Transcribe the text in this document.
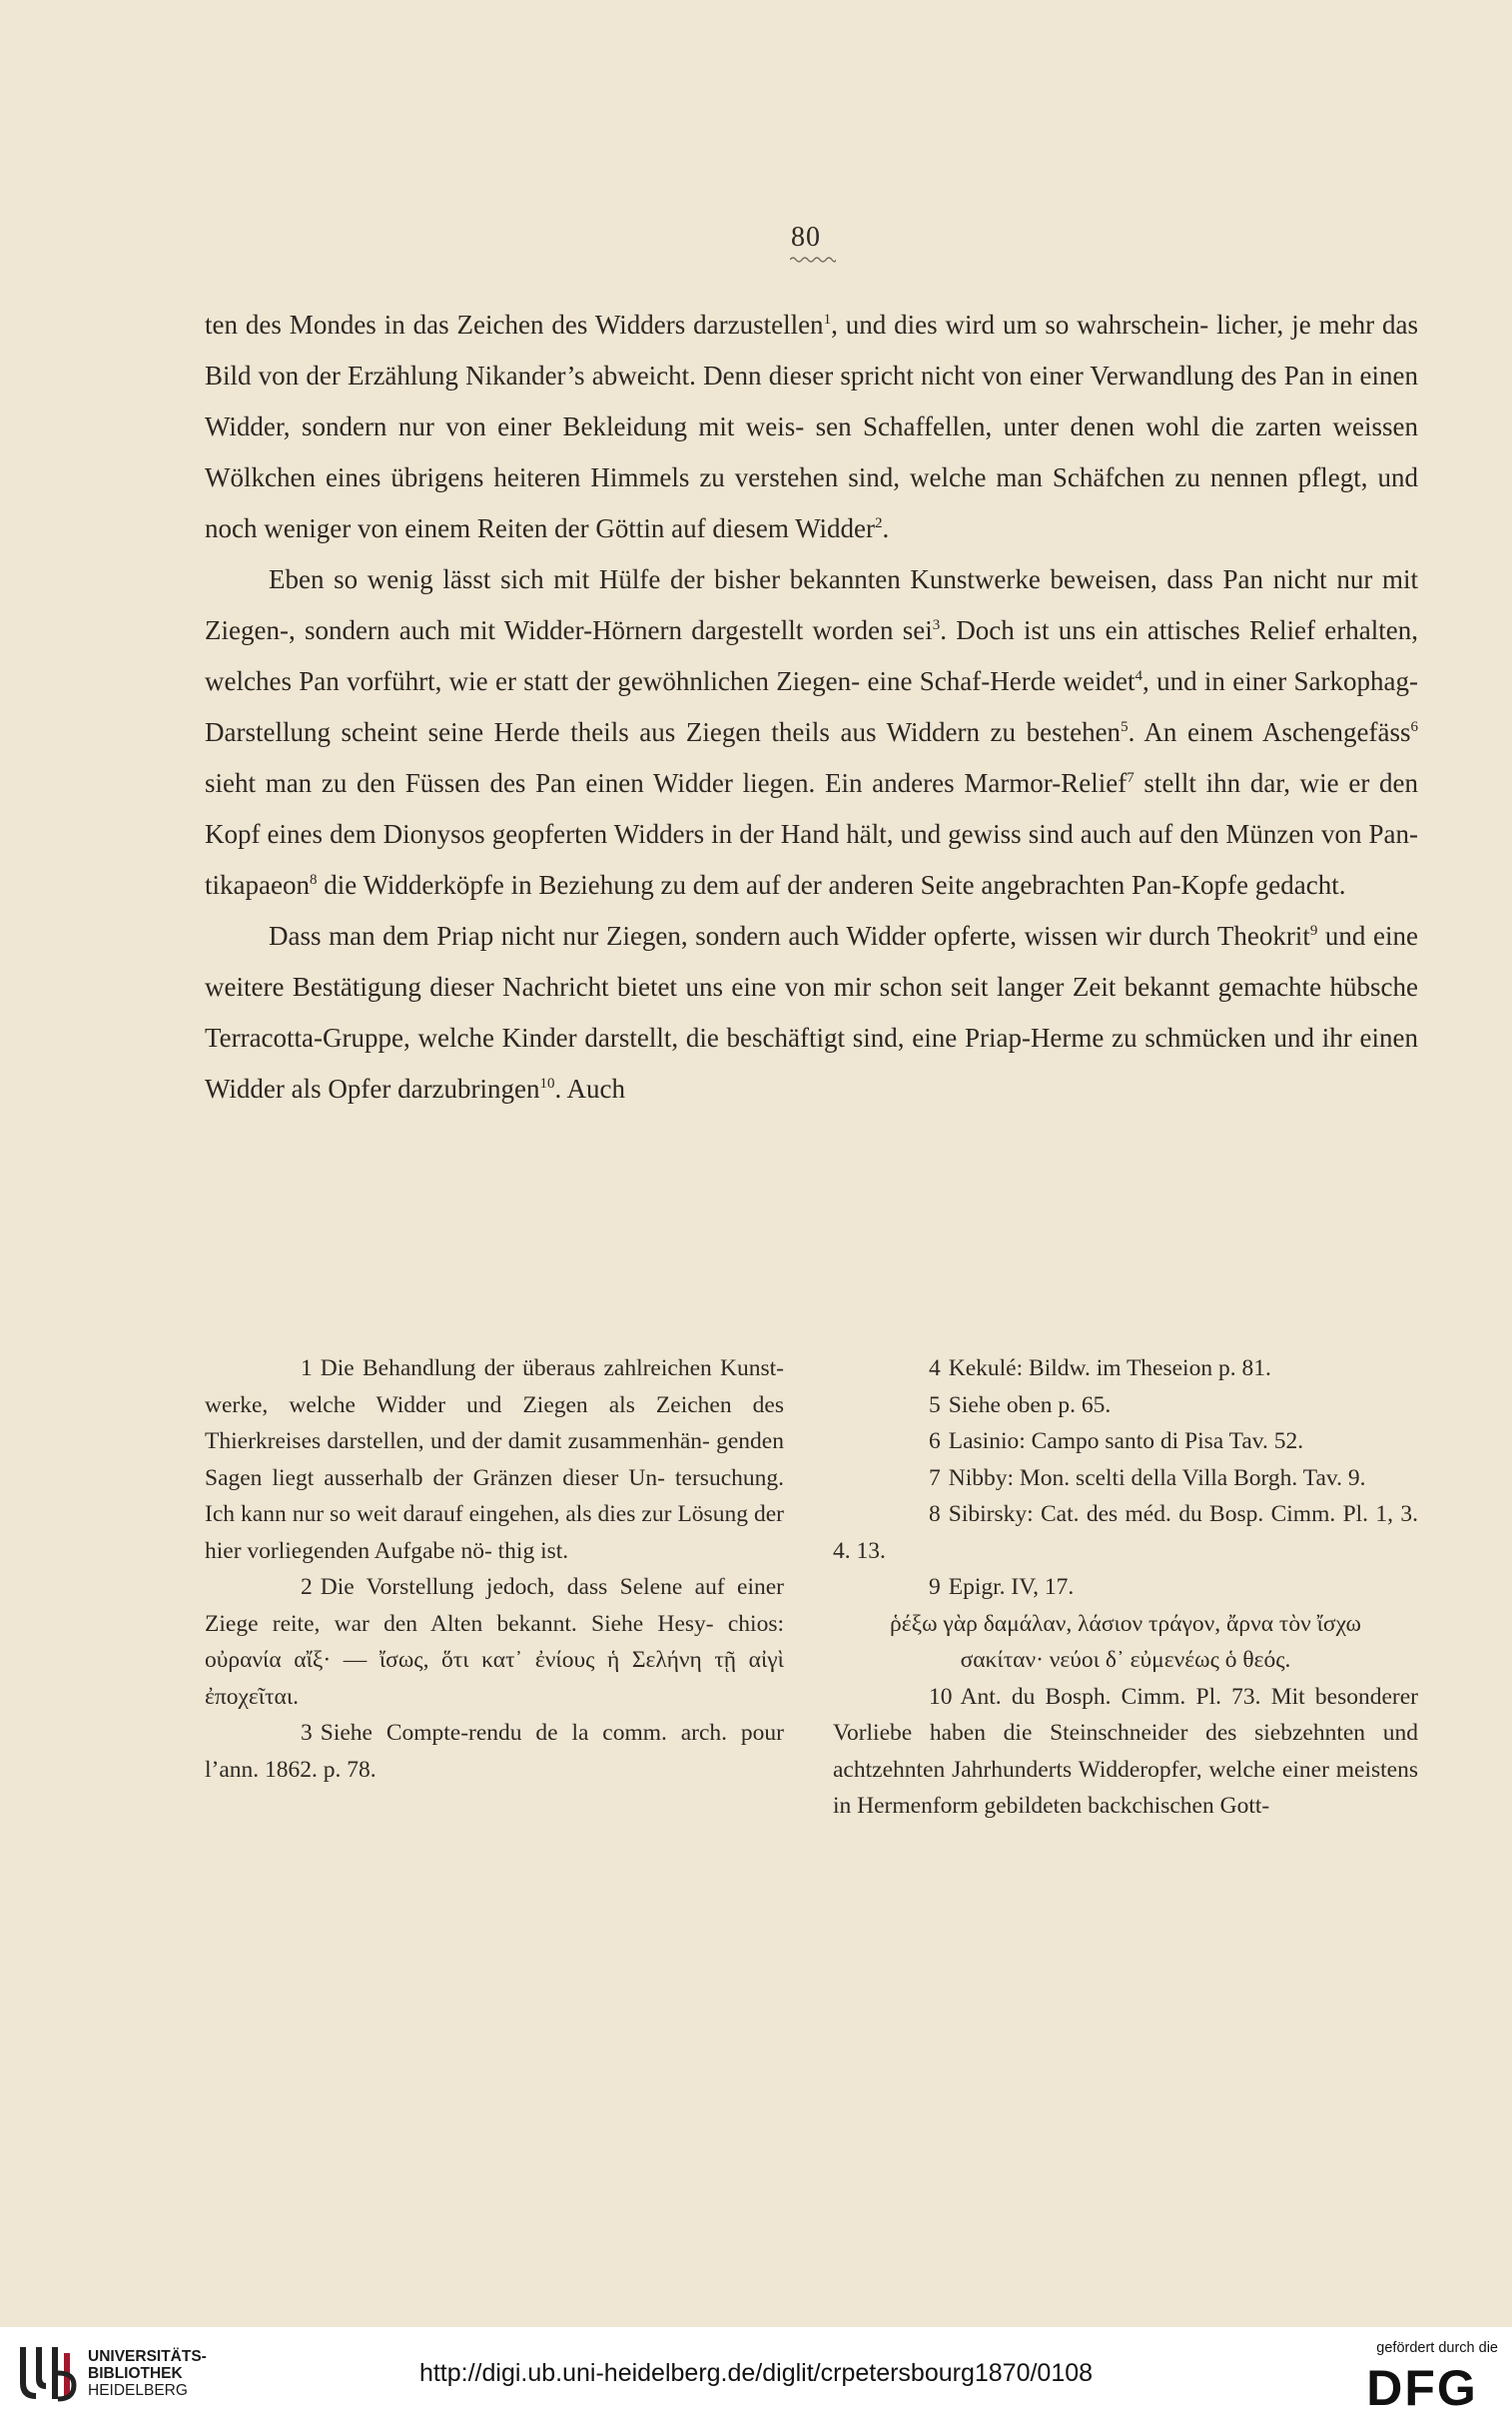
80

ten des Mondes in das Zeichen des Widders darzustellen$^1$, und dies wird um so wahrschein- licher, je mehr das Bild von der Erzählung Nikander’s abweicht. Denn dieser spricht nicht von einer Verwandlung des Pan in einen Widder, sondern nur von einer Bekleidung mit weis- sen Schaffellen, unter denen wohl die zarten weissen Wölkchen eines übrigens heiteren Himmels zu verstehen sind, welche man Schäfchen zu nennen pflegt, und noch weniger von einem Reiten der Göttin auf diesem Widder$^2$.

Eben so wenig lässt sich mit Hülfe der bisher bekannten Kunstwerke beweisen, dass Pan nicht nur mit Ziegen-, sondern auch mit Widder-Hörnern dargestellt worden sei$^3$. Doch ist uns ein attisches Relief erhalten, welches Pan vorführt, wie er statt der gewöhnlichen Ziegen- eine Schaf-Herde weidet$^4$, und in einer Sarkophag-Darstellung scheint seine Herde theils aus Ziegen theils aus Widdern zu bestehen$^5$. An einem Aschengefäss$^6$ sieht man zu den Füssen des Pan einen Widder liegen. Ein anderes Marmor-Relief$^7$ stellt ihn dar, wie er den Kopf eines dem Dionysos geopferten Widders in der Hand hält, und gewiss sind auch auf den Münzen von Pan- tikapaeon$^8$ die Widderköpfe in Beziehung zu dem auf der anderen Seite angebrachten Pan-Kopfe gedacht.

Dass man dem Priap nicht nur Ziegen, sondern auch Widder opferte, wissen wir durch Theokrit$^9$ und eine weitere Bestätigung dieser Nachricht bietet uns eine von mir schon seit langer Zeit bekannt gemachte hübsche Terracotta-Gruppe, welche Kinder darstellt, die beschäftigt sind, eine Priap-Herme zu schmücken und ihr einen Widder als Opfer darzubringen$^{10}$. Auch

1 Die Behandlung der überaus zahlreichen Kunst- werke, welche Widder und Ziegen als Zeichen des Thierkreises darstellen, und der damit zusammenhän- genden Sagen liegt ausserhalb der Gränzen dieser Un- tersuchung. Ich kann nur so weit darauf eingehen, als dies zur Lösung der hier vorliegenden Aufgabe nö- thig ist.

2 Die Vorstellung jedoch, dass Selene auf einer Ziege reite, war den Alten bekannt. Siehe Hesy- chios: οὐρανία αἴξ· — ἴσως, ὅτι κατ᾽ ἐνίους ἡ Σελήνη τῇ αἰγὶ ἐποχεῖται.

3 Siehe Compte-rendu de la comm. arch. pour l’ann. 1862. p. 78.

4 Kekulé: Bildw. im Theseion p. 81.

5 Siehe oben p. 65.

6 Lasinio: Campo santo di Pisa Tav. 52.

7 Nibby: Mon. scelti della Villa Borgh. Tav. 9.

8 Sibirsky: Cat. des méd. du Bosp. Cimm. Pl. 1, 3. 4. 13.

9 Epigr. IV, 17.

ῥέξω γὰρ δαμάλαν, λάσιον τράγον, ἄρνα τὸν ἴσχω

σακίταν· νεύοι δ᾽ εὐμενέως ὁ θεός.

10 Ant. du Bosph. Cimm. Pl. 73. Mit besonderer Vorliebe haben die Steinschneider des siebzehnten und achtzehnten Jahrhunderts Widderopfer, welche einer meistens in Hermenform gebildeten backchischen Gott-

UNIVERSITÄTS-
BIBLIOTHEK
HEIDELBERG
http://digi.ub.uni-heidelberg.de/diglit/crpetersbourg1870/0108
gefördert durch die
DFG
